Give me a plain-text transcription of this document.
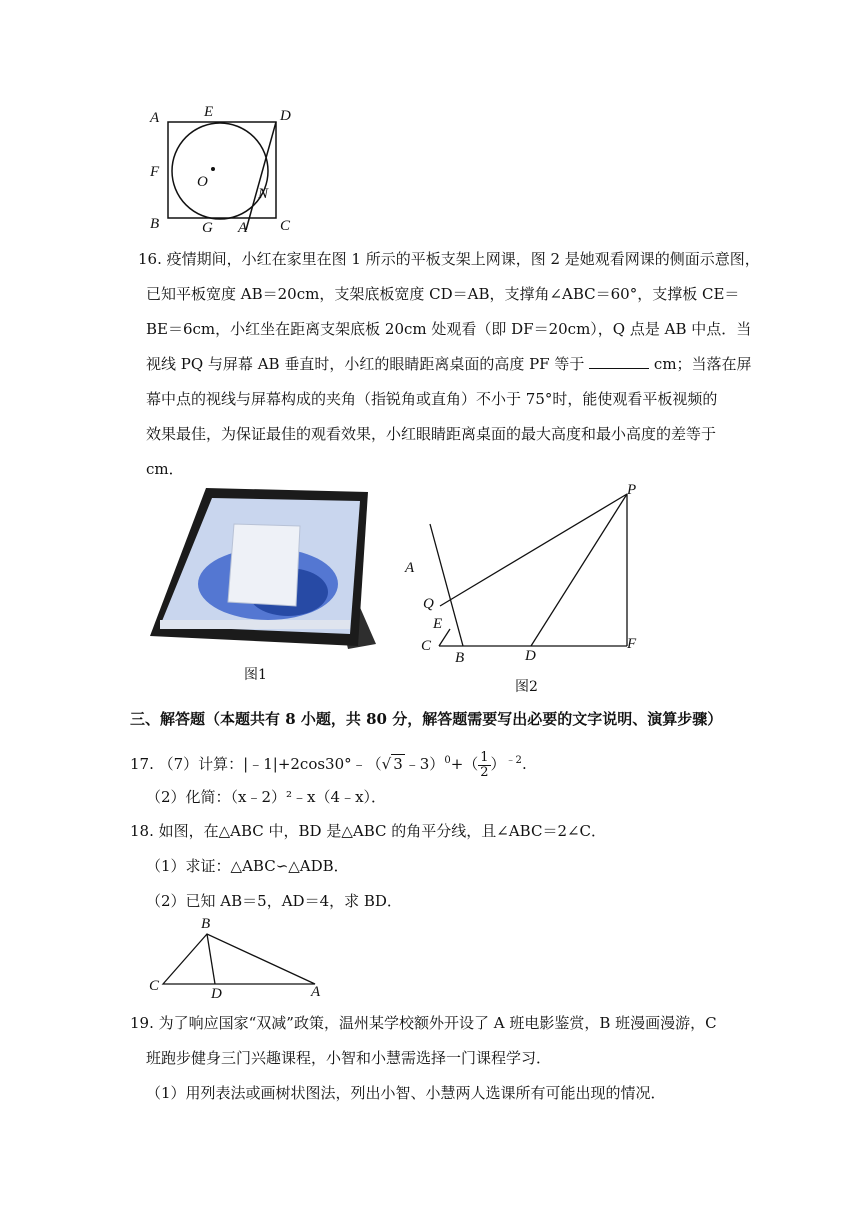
A	E	D
F
O
N
B	G A C
16. 疫情期间，小红在家里在图 1 所示的平板支架上网课，图 2 是她观看网课的侧面示意图，
已知平板宽度 AB＝20cm，支架底板宽度 CD＝AB，支撑角∠ABC＝60°，支撑板 CE＝
BE＝6cm，小红坐在距离支架底板 20cm 处观看（即 DF＝20cm），Q 点是 AB 中点．当
视线 PQ 与屏幕 AB 垂直时，小红的眼睛距离桌面的高度 PF 等于	cm；当落在屏
幕中点的视线与屏幕构成的夹角（指锐角或直角）不小于 75°时，能使观看平板视频的
效果最佳，为保证最佳的观看效果，小红眼睛距离桌面的最大高度和最小高度的差等于
cm．
图1
P
A
Q
E
C
B	D
F
图2
三、解答题（本题共有 8 小题，共 80 分，解答题需要写出必要的文字说明、演算步骤）
17. （7）计算：|﹣1|+2cos30°﹣（√ 3 ﹣3）$^0$+（ $\frac{1}{2} )^{﹣2}$.
（2）化简：（x﹣2）²﹣x（4﹣x）．
18. 如图，在△ABC 中，BD 是△ABC 的角平分线，且∠ABC＝2∠C．
（1）求证：△ABC∽△ADB．
（2）已知 AB＝5，AD＝4，求 BD．
B
C	D	A
19. 为了响应国家“双减”政策，温州某学校额外开设了 A 班电影鉴赏，B 班漫画漫游，C
班跑步健身三门兴趣课程，小智和小慧需选择一门课程学习．
（1）用列表法或画树状图法，列出小智、小慧两人选课所有可能出现的情况．
